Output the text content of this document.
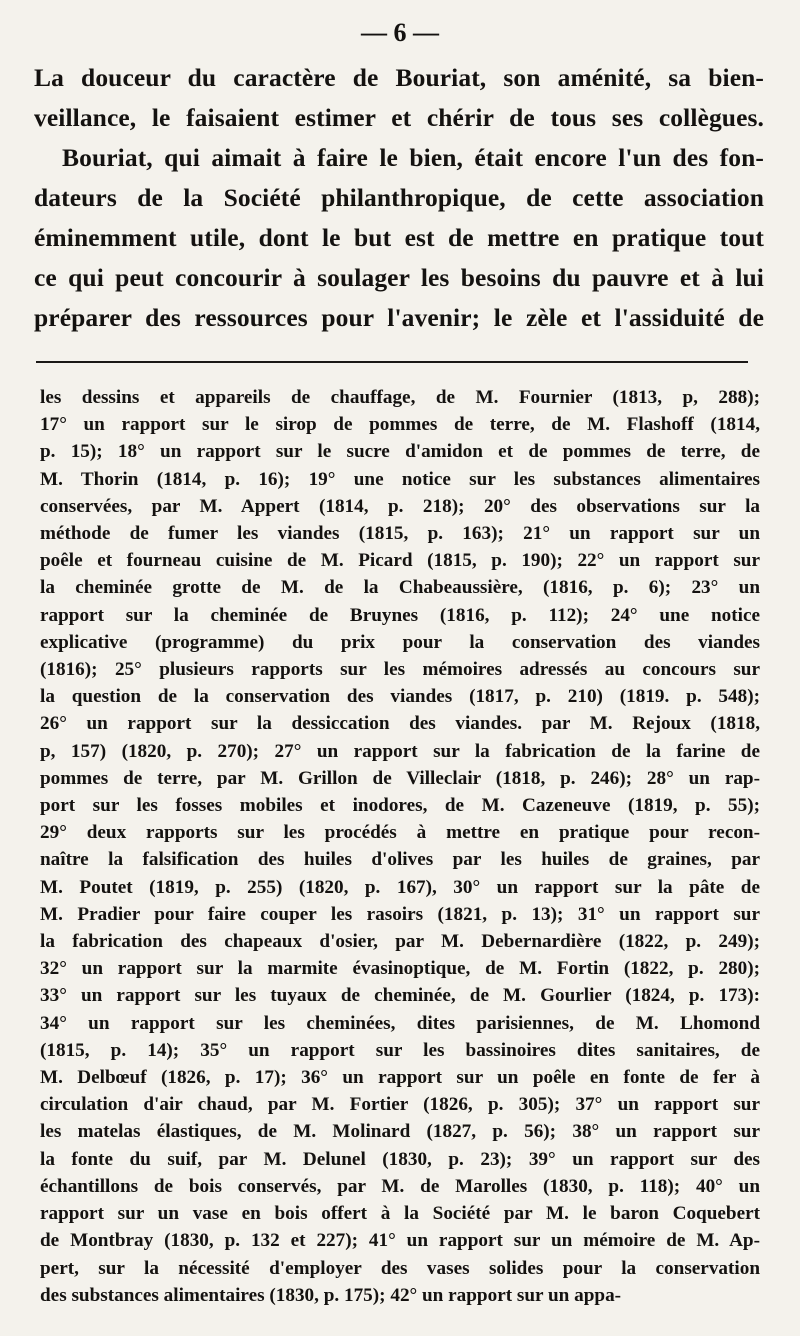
— 6 —
La douceur du caractère de Bouriat, son aménité, sa bien-
veillance, le faisaient estimer et chérir de tous ses collègues.
Bouriat, qui aimait à faire le bien, était encore l'un des fon-
dateurs de la Société philanthropique, de cette association
éminemment utile, dont le but est de mettre en pratique tout
ce qui peut concourir à soulager les besoins du pauvre et à lui
préparer des ressources pour l'avenir; le zèle et l'assiduité de
les dessins et appareils de chauffage, de M. Fournier (1813, p, 288);
17° un rapport sur le sirop de pommes de terre, de M. Flashoff (1814,
p. 15); 18° un rapport sur le sucre d'amidon et de pommes de terre, de
M. Thorin (1814, p. 16); 19° une notice sur les substances alimentaires
conservées, par M. Appert (1814, p. 218); 20° des observations sur la
méthode de fumer les viandes (1815, p. 163); 21° un rapport sur un
poêle et fourneau cuisine de M. Picard (1815, p. 190); 22° un rapport sur
la cheminée grotte de M. de la Chabeaussière, (1816, p. 6); 23° un
rapport sur la cheminée de Bruynes (1816, p. 112); 24° une notice
explicative (programme) du prix pour la conservation des viandes
(1816); 25° plusieurs rapports sur les mémoires adressés au concours sur
la question de la conservation des viandes (1817, p. 210) (1819. p. 548);
26° un rapport sur la dessiccation des viandes. par M. Rejoux (1818,
p, 157) (1820, p. 270); 27° un rapport sur la fabrication de la farine de
pommes de terre, par M. Grillon de Villeclair (1818, p. 246); 28° un rap-
port sur les fosses mobiles et inodores, de M. Cazeneuve (1819, p. 55);
29° deux rapports sur les procédés à mettre en pratique pour recon-
naître la falsification des huiles d'olives par les huiles de graines, par
M. Poutet (1819, p. 255) (1820, p. 167), 30° un rapport sur la pâte de
M. Pradier pour faire couper les rasoirs (1821, p. 13); 31° un rapport sur
la fabrication des chapeaux d'osier, par M. Debernardière (1822, p. 249);
32° un rapport sur la marmite évasinoptique, de M. Fortin (1822, p. 280);
33° un rapport sur les tuyaux de cheminée, de M. Gourlier (1824, p. 173):
34° un rapport sur les cheminées, dites parisiennes, de M. Lhomond
(1815, p. 14); 35° un rapport sur les bassinoires dites sanitaires, de
M. Delbœuf (1826, p. 17); 36° un rapport sur un poêle en fonte de fer à
circulation d'air chaud, par M. Fortier (1826, p. 305); 37° un rapport sur
les matelas élastiques, de M. Molinard (1827, p. 56); 38° un rapport sur
la fonte du suif, par M. Delunel (1830, p. 23); 39° un rapport sur des
échantillons de bois conservés, par M. de Marolles (1830, p. 118); 40° un
rapport sur un vase en bois offert à la Société par M. le baron Coquebert
de Montbray (1830, p. 132 et 227); 41° un rapport sur un mémoire de M. Ap-
pert, sur la nécessité d'employer des vases solides pour la conservation
des substances alimentaires (1830, p. 175); 42° un rapport sur un appa-
